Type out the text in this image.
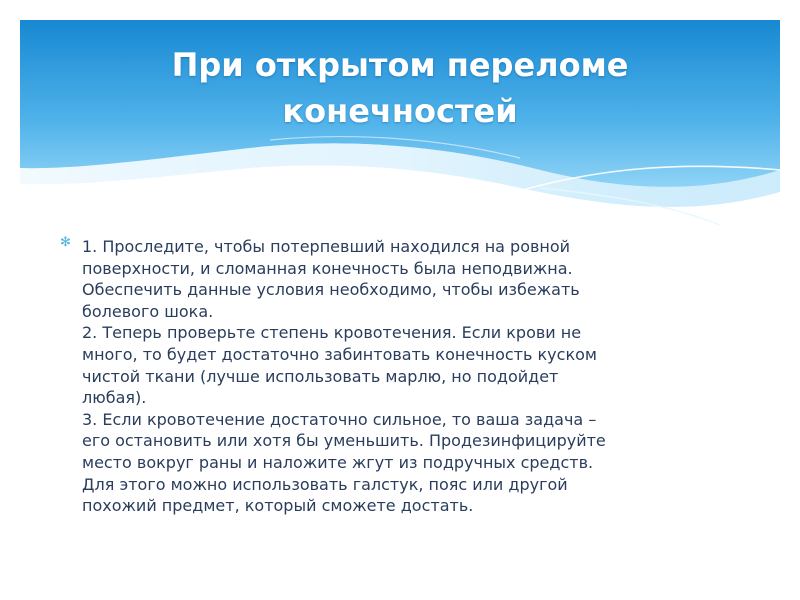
При открытом переломе
конечностей
✻ 1. Проследите, чтобы потерпевший находился на ровной

поверхности, и сломанная конечность была неподвижна.

Обеспечить данные условия необходимо, чтобы избежать

болевого шока.

2. Теперь проверьте степень кровотечения. Если крови не

много, то будет достаточно забинтовать конечность куском

чистой ткани (лучше использовать марлю, но подойдет

любая).

3. Если кровотечение достаточно сильное, то ваша задача –

его остановить или хотя бы уменьшить. Продезинфицируйте

место вокруг раны и наложите жгут из подручных средств.

Для этого можно использовать галстук, пояс или другой

похожий предмет, который сможете достать.
